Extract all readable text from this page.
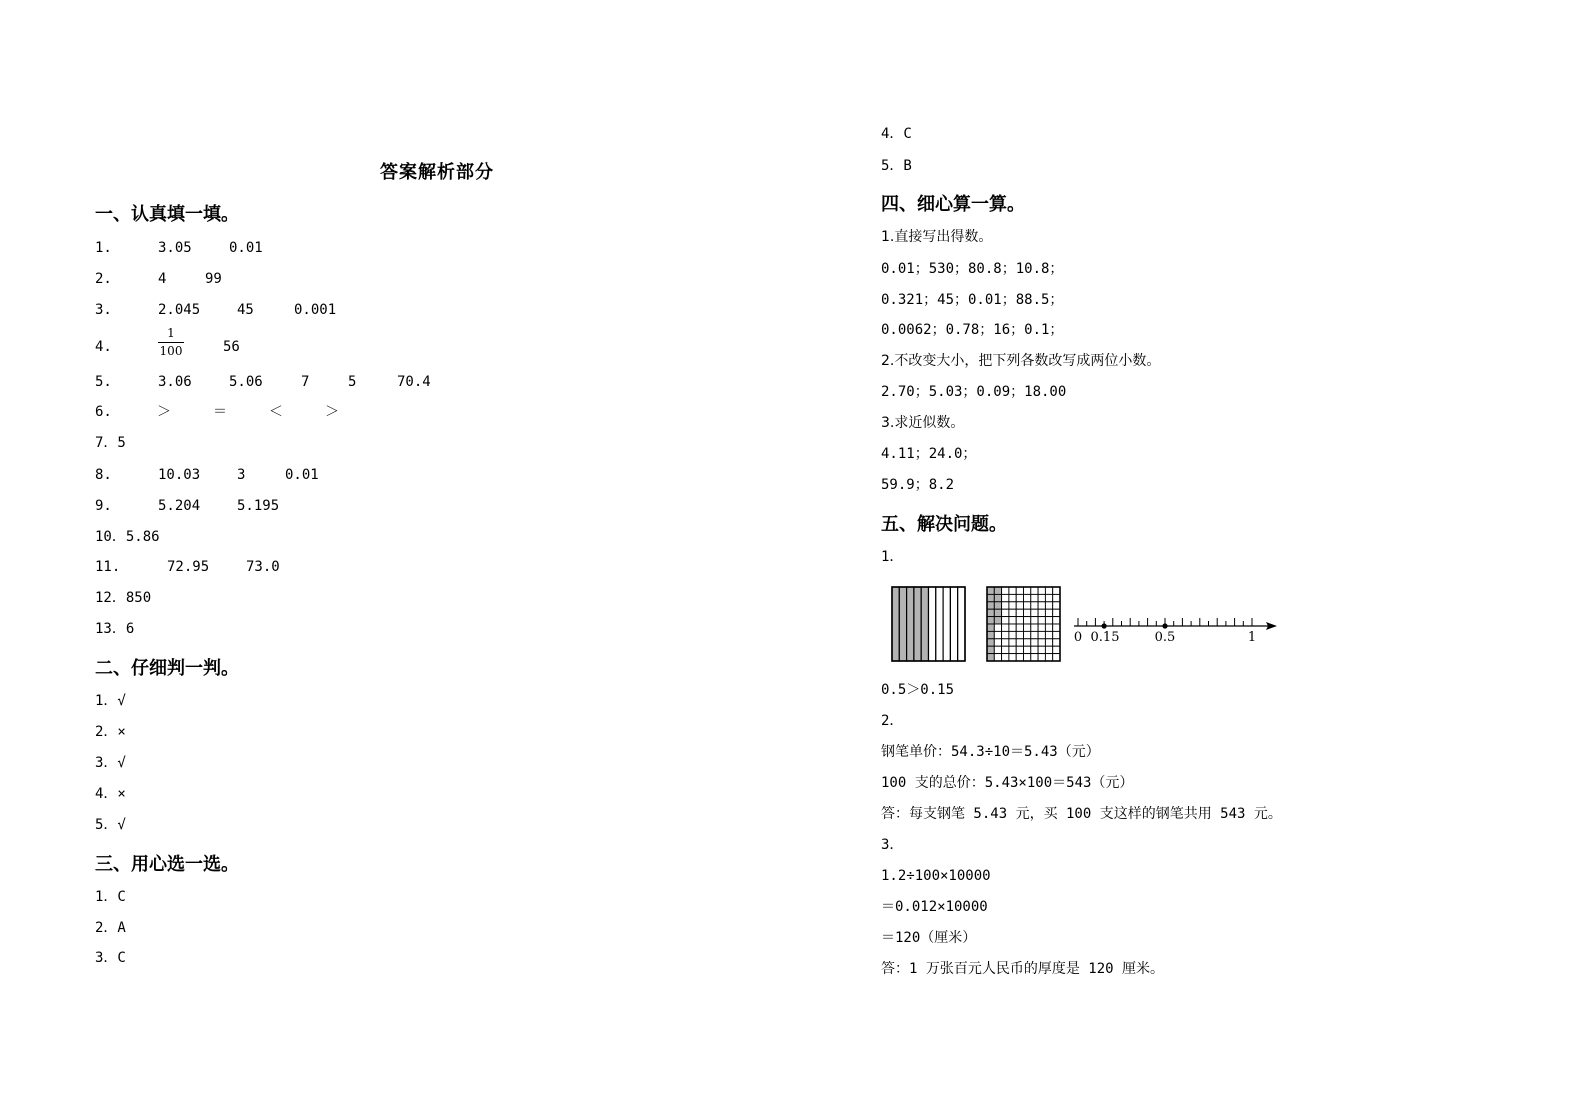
答案解析部分
一、认真填一填。
1.	3.05	0.01
2.	4	99
3.	2.045	45	0.001
4.	$\frac{1}{100}$	56
5.	3.06	5.06	7	5	70.4
6.	＞	＝	＜	＞
7．5
8.	10.03	3	0.01
9.	5.204	5.195
10．5.86
11.	72.95	73.0
12．850
13．6
二、仔细判一判。
1．√
2．×
3．√
4．×
5．√
三、用心选一选。
1．C
2．A
3．C
4．C
5．B
四、细心算一算。
1.直接写出得数。
0.01；530；80.8；10.8；
0.321；45；0.01；88.5；
0.0062；0.78；16；0.1；
2.不改变大小，把下列各数改写成两位小数。
2.70；5.03；0.09；18.00
3.求近似数。
4.11；24.0；
59.9；8.2
五、解决问题。
1．
0 0.15	0.5	1
0.5＞0.15
2．
钢笔单价：54.3÷10＝5.43（元）
100 支的总价：5.43×100＝543（元）
答：每支钢笔 5.43 元，买 100 支这样的钢笔共用 543 元。
3．
1.2÷100×10000
＝0.012×10000
＝120（厘米）
答：1 万张百元人民币的厚度是 120 厘米。
